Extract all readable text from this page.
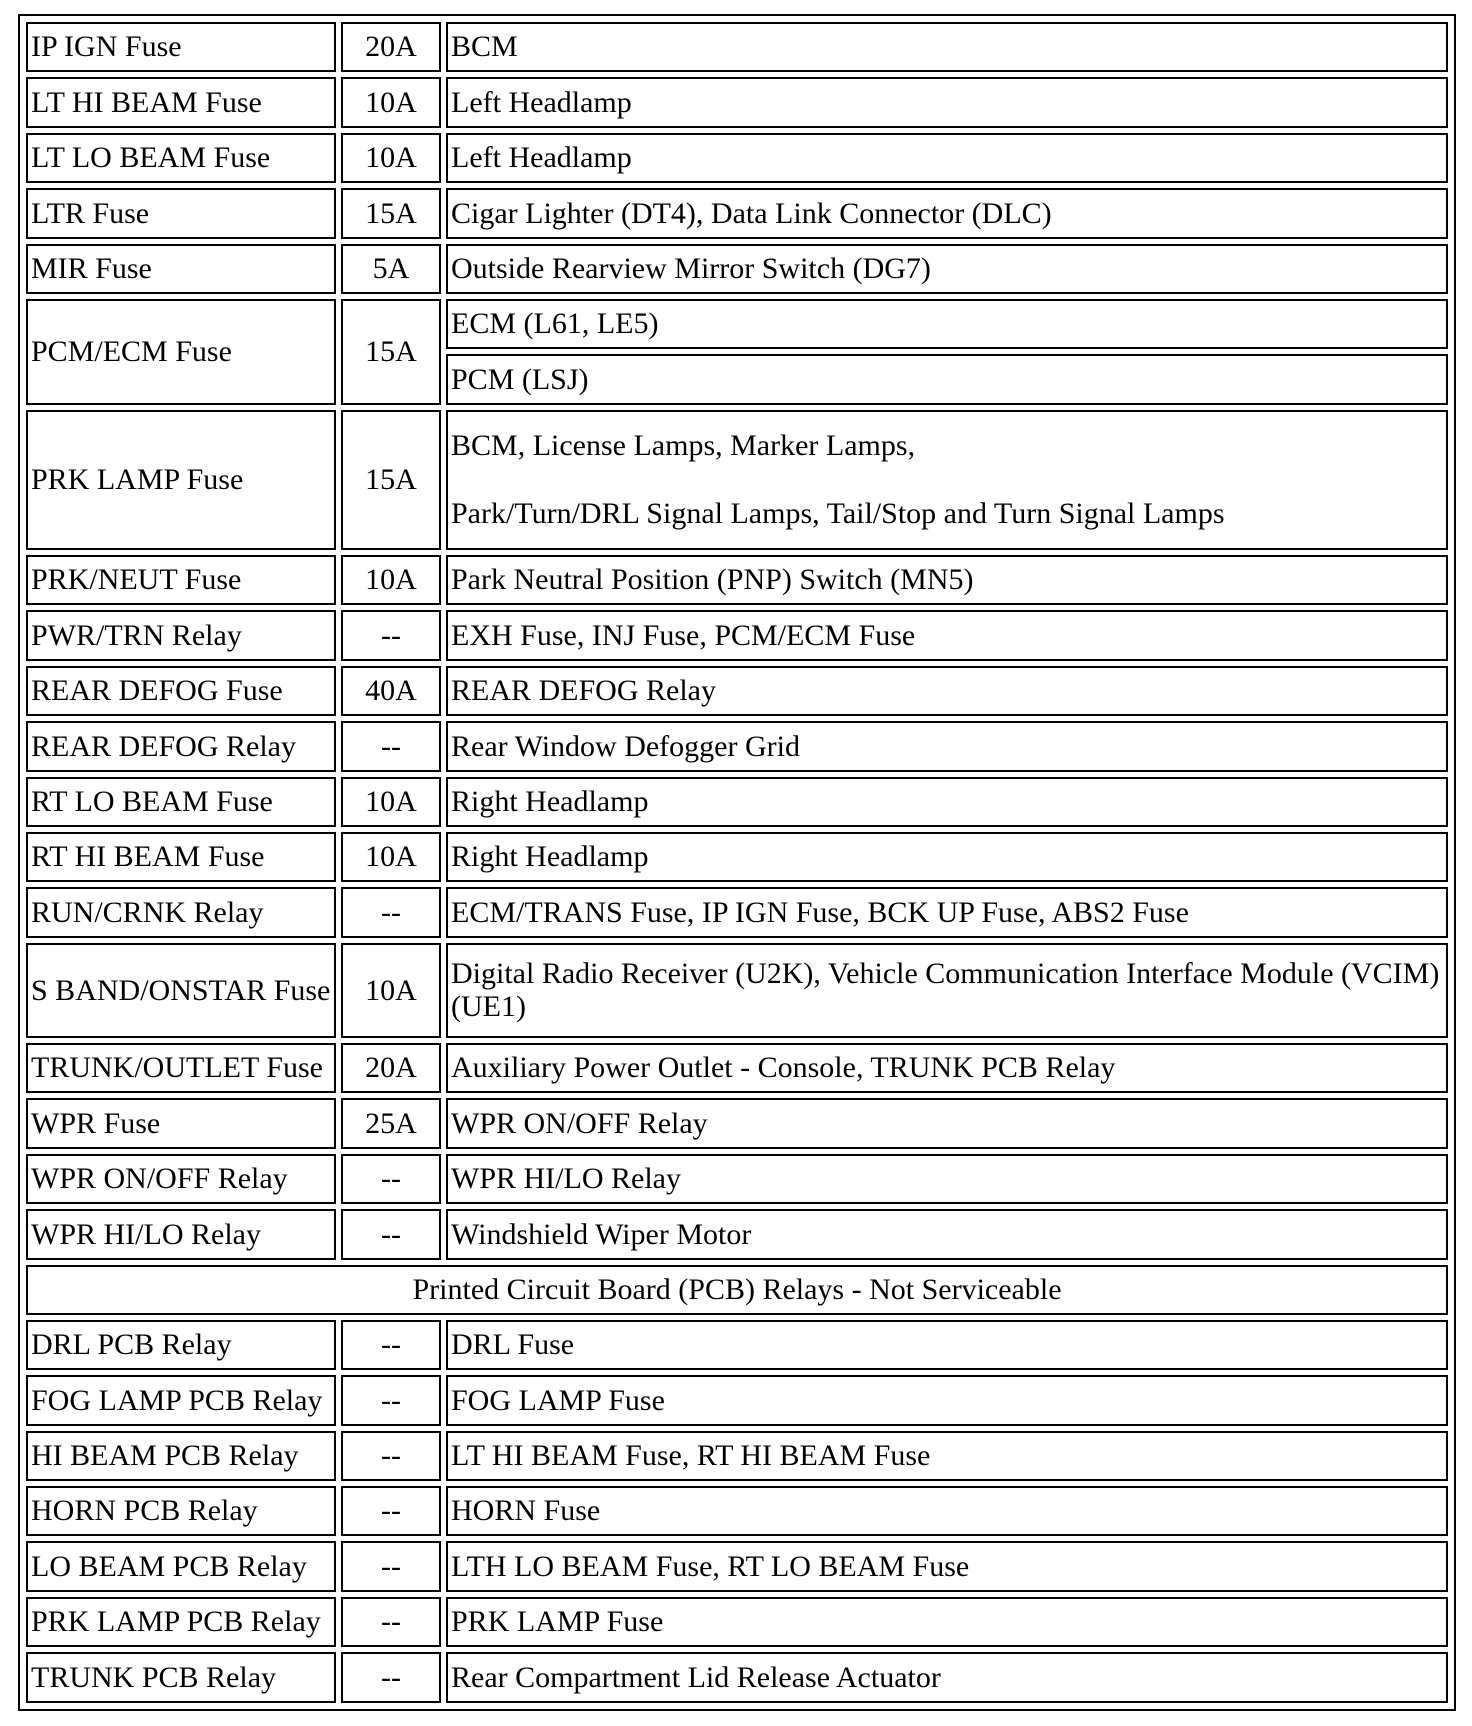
IP IGN Fuse	20A	BCM
LT HI BEAM Fuse	10A	Left Headlamp
LT LO BEAM Fuse	10A	Left Headlamp
LTR Fuse	15A	Cigar Lighter (DT4), Data Link Connector (DLC)
MIR Fuse	5A	Outside Rearview Mirror Switch (DG7)
PCM/ECM Fuse	15A	ECM (L61, LE5)
		PCM (LSJ)
PRK LAMP Fuse	15A	BCM, License Lamps, Marker Lamps,
Park/Turn/DRL Signal Lamps, Tail/Stop and Turn Signal Lamps
PRK/NEUT Fuse	10A	Park Neutral Position (PNP) Switch (MN5)
PWR/TRN Relay	--	EXH Fuse, INJ Fuse, PCM/ECM Fuse
REAR DEFOG Fuse	40A	REAR DEFOG Relay
REAR DEFOG Relay	--	Rear Window Defogger Grid
RT LO BEAM Fuse	10A	Right Headlamp
RT HI BEAM Fuse	10A	Right Headlamp
RUN/CRNK Relay	--	ECM/TRANS Fuse, IP IGN Fuse, BCK UP Fuse, ABS2 Fuse
S BAND/ONSTAR Fuse	10A	Digital Radio Receiver (U2K), Vehicle Communication Interface Module (VCIM) (UE1)
TRUNK/OUTLET Fuse	20A	Auxiliary Power Outlet - Console, TRUNK PCB Relay
WPR Fuse	25A	WPR ON/OFF Relay
WPR ON/OFF Relay	--	WPR HI/LO Relay
WPR HI/LO Relay	--	Windshield Wiper Motor
Printed Circuit Board (PCB) Relays - Not Serviceable		
DRL PCB Relay	--	DRL Fuse
FOG LAMP PCB Relay	--	FOG LAMP Fuse
HI BEAM PCB Relay	--	LT HI BEAM Fuse, RT HI BEAM Fuse
HORN PCB Relay	--	HORN Fuse
LO BEAM PCB Relay	--	LTH LO BEAM Fuse, RT LO BEAM Fuse
PRK LAMP PCB Relay	--	PRK LAMP Fuse
TRUNK PCB Relay	--	Rear Compartment Lid Release Actuator
